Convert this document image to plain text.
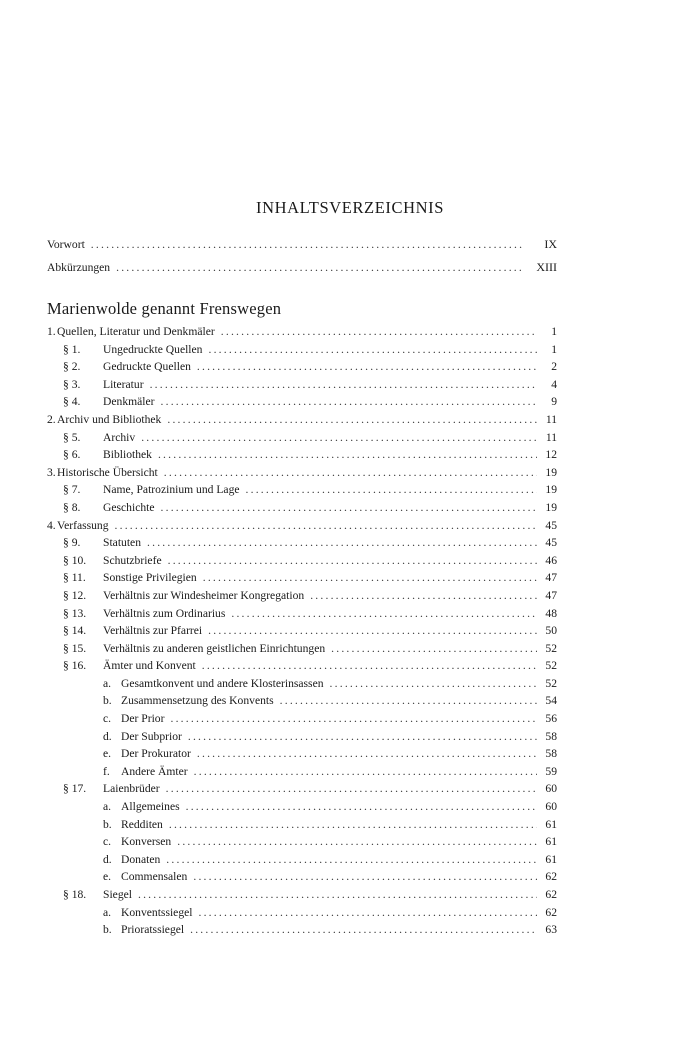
INHALTSVERZEICHNIS
Vorwort .....	IX
Abkürzungen .....	XIII
Marienwolde genannt Frenswegen
1. Quellen, Literatur und Denkmäler .....	1
§ 1.	Ungedruckte Quellen .....	1
§ 2.	Gedruckte Quellen .....	2
§ 3.	Literatur .....	4
§ 4.	Denkmäler .....	9
2. Archiv und Bibliothek .....	11
§ 5.	Archiv .....	11
§ 6.	Bibliothek .....	12
3. Historische Übersicht .....	19
§ 7.	Name, Patrozinium und Lage .....	19
§ 8.	Geschichte .....	19
4. Verfassung .....	45
§ 9.	Statuten .....	45
§ 10.	Schutzbriefe .....	46
§ 11.	Sonstige Privilegien .....	47
§ 12.	Verhältnis zur Windesheimer Kongregation .....	47
§ 13.	Verhältnis zum Ordinarius .....	48
§ 14.	Verhältnis zur Pfarrei .....	50
§ 15.	Verhältnis zu anderen geistlichen Einrichtungen .....	52
§ 16.	Ämter und Konvent .....	52
a. Gesamtkonvent und andere Klosterinsassen .....	52
b. Zusammensetzung des Konvents .....	54
c. Der Prior .....	56
d. Der Subprior .....	58
e. Der Prokurator .....	58
f. Andere Ämter .....	59
§ 17.	Laienbrüder .....	60
a. Allgemeines .....	60
b. Redditen .....	61
c. Konversen .....	61
d. Donaten .....	61
e. Commensalen .....	62
§ 18.	Siegel .....	62
a. Konventssiegel .....	62
b. Prioratssiegel .....	63
